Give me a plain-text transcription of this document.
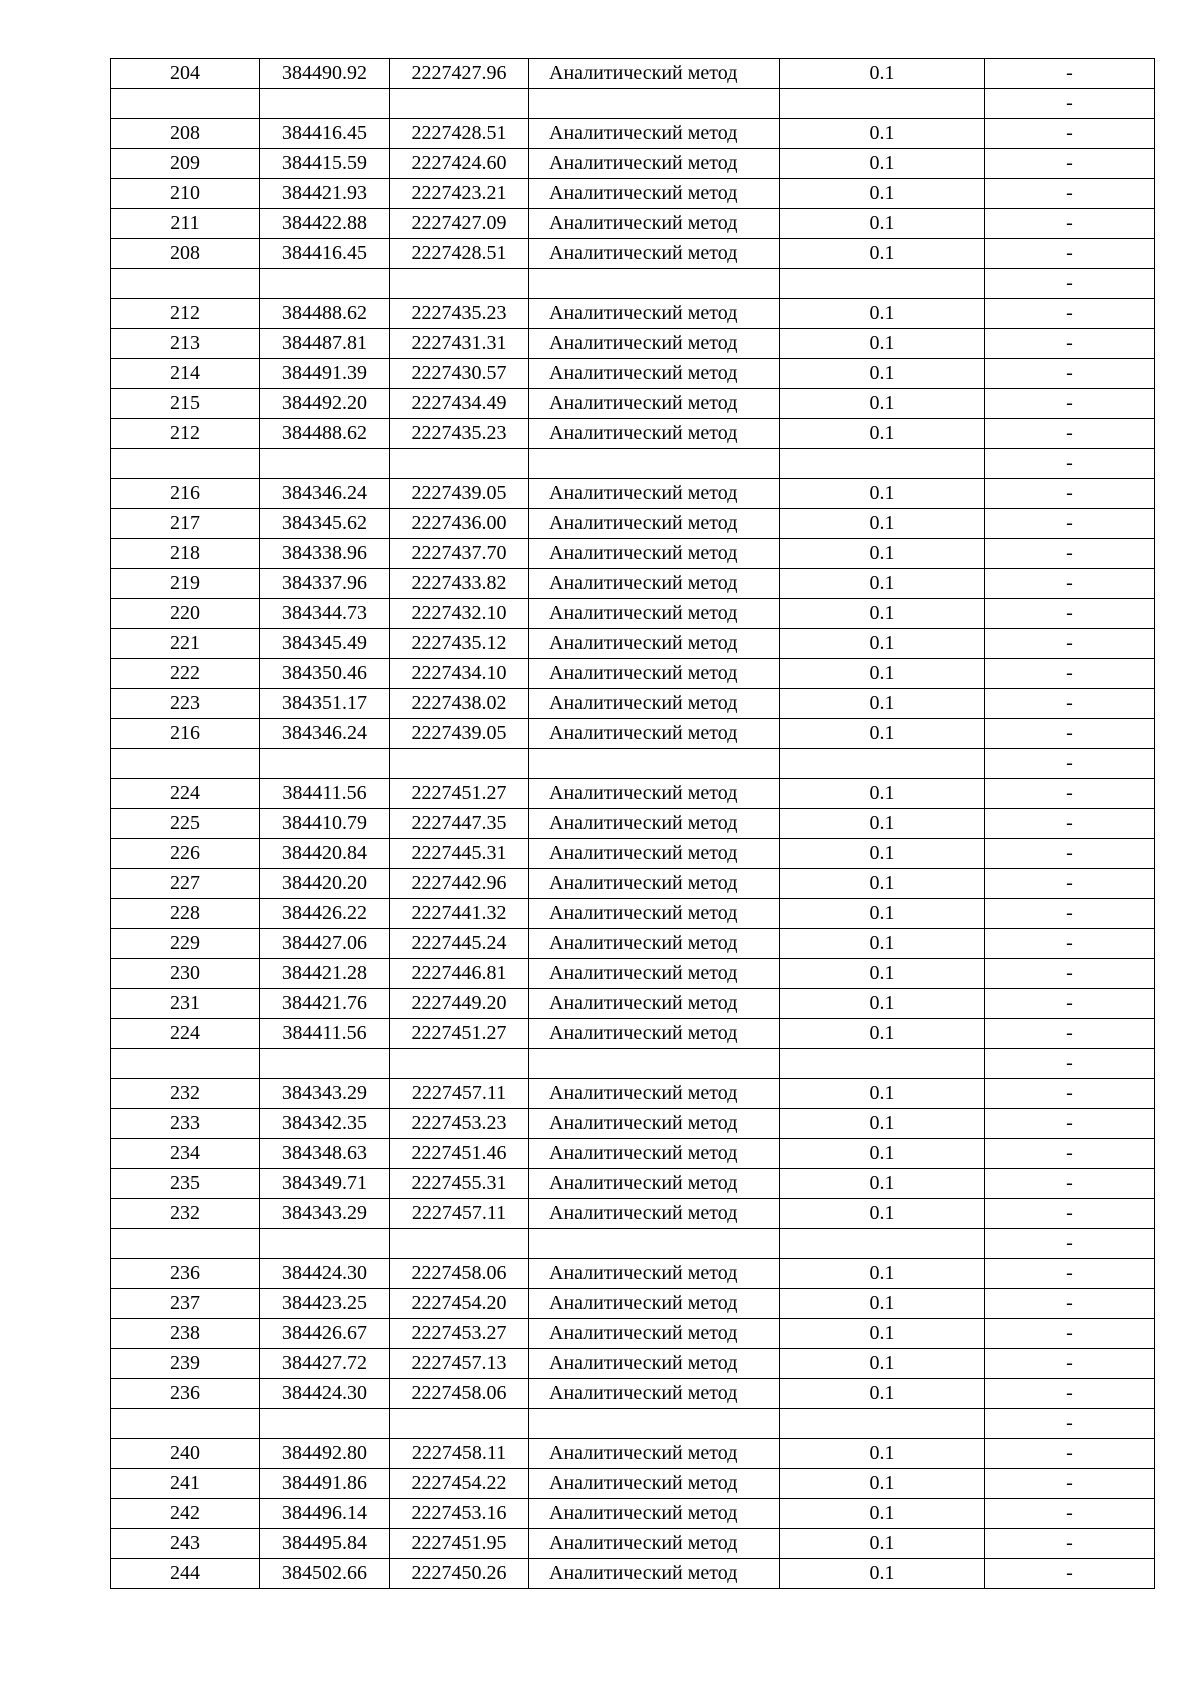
204	384490.92	2227427.96	Аналитический метод	0.1	-
					-
208	384416.45	2227428.51	Аналитический метод	0.1	-
209	384415.59	2227424.60	Аналитический метод	0.1	-
210	384421.93	2227423.21	Аналитический метод	0.1	-
211	384422.88	2227427.09	Аналитический метод	0.1	-
208	384416.45	2227428.51	Аналитический метод	0.1	-
					-
212	384488.62	2227435.23	Аналитический метод	0.1	-
213	384487.81	2227431.31	Аналитический метод	0.1	-
214	384491.39	2227430.57	Аналитический метод	0.1	-
215	384492.20	2227434.49	Аналитический метод	0.1	-
212	384488.62	2227435.23	Аналитический метод	0.1	-
					-
216	384346.24	2227439.05	Аналитический метод	0.1	-
217	384345.62	2227436.00	Аналитический метод	0.1	-
218	384338.96	2227437.70	Аналитический метод	0.1	-
219	384337.96	2227433.82	Аналитический метод	0.1	-
220	384344.73	2227432.10	Аналитический метод	0.1	-
221	384345.49	2227435.12	Аналитический метод	0.1	-
222	384350.46	2227434.10	Аналитический метод	0.1	-
223	384351.17	2227438.02	Аналитический метод	0.1	-
216	384346.24	2227439.05	Аналитический метод	0.1	-
					-
224	384411.56	2227451.27	Аналитический метод	0.1	-
225	384410.79	2227447.35	Аналитический метод	0.1	-
226	384420.84	2227445.31	Аналитический метод	0.1	-
227	384420.20	2227442.96	Аналитический метод	0.1	-
228	384426.22	2227441.32	Аналитический метод	0.1	-
229	384427.06	2227445.24	Аналитический метод	0.1	-
230	384421.28	2227446.81	Аналитический метод	0.1	-
231	384421.76	2227449.20	Аналитический метод	0.1	-
224	384411.56	2227451.27	Аналитический метод	0.1	-
					-
232	384343.29	2227457.11	Аналитический метод	0.1	-
233	384342.35	2227453.23	Аналитический метод	0.1	-
234	384348.63	2227451.46	Аналитический метод	0.1	-
235	384349.71	2227455.31	Аналитический метод	0.1	-
232	384343.29	2227457.11	Аналитический метод	0.1	-
					-
236	384424.30	2227458.06	Аналитический метод	0.1	-
237	384423.25	2227454.20	Аналитический метод	0.1	-
238	384426.67	2227453.27	Аналитический метод	0.1	-
239	384427.72	2227457.13	Аналитический метод	0.1	-
236	384424.30	2227458.06	Аналитический метод	0.1	-
					-
240	384492.80	2227458.11	Аналитический метод	0.1	-
241	384491.86	2227454.22	Аналитический метод	0.1	-
242	384496.14	2227453.16	Аналитический метод	0.1	-
243	384495.84	2227451.95	Аналитический метод	0.1	-
244	384502.66	2227450.26	Аналитический метод	0.1	-
